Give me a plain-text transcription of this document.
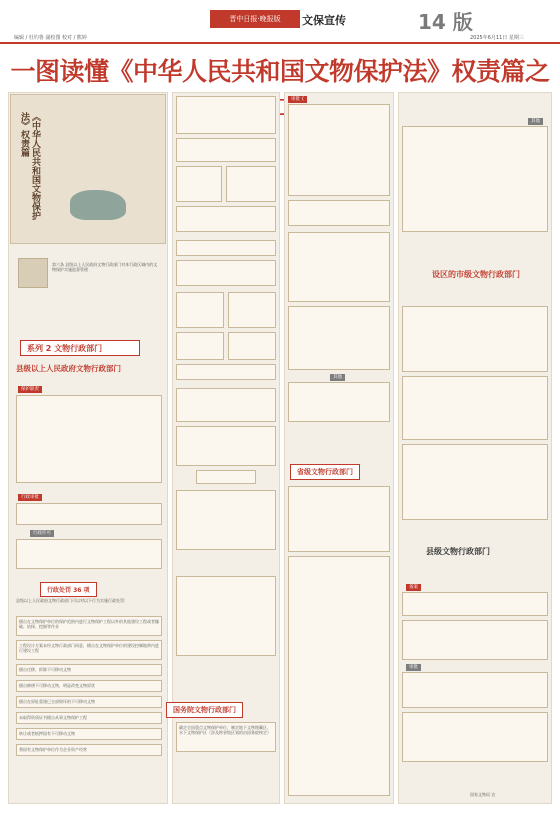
编辑 / 杜钓鲁 副校图 校对 / 熊婷
晋中日报·晚报版	文保宣传	14 版
2025年6月11日 星期三
一图读懂《中华人民共和国文物保护法》权责篇之
《中华人民共和国文物保护法》权责篇
第六条 县级以上人民政府文物行政部门对本行政区域内的文物保护实施监督管理
系列 2 文物行政部门
县级以上人民政府文物行政部门
保护职责
行政审批
行政许可
行政处罚 36 项
县级以上人民政府文物行政部门可以对以下行为实施行政处罚：
擅自在文物保护单位的保护范围内进行文物保护工程以外的其他建设工程或者爆破、钻探、挖掘等作业
工程设计方案未经文物行政部门同意，擅自在文物保护单位的建设控制地带内进行建设工程
擅自迁移、拆除不可移动文物
擅自修缮不可移动文物，明显改变文物原状
擅自在原址重建已全部毁坏的不可移动文物
未取得资质证书擅自从事文物保护工程
转让或者抵押国有不可移动文物
将国有文物保护单位作为企业资产经营
国务院文物行政部门
确定全国重点文物保护单位，制定地下文物埋藏区、水下文物保护区（涉及跨省级区划的由国务院核定）
审批 {
其他
省级文物行政部门
其他
设区的市级文物行政部门
县级文物行政部门
备案
审批
国家文物局 宣
